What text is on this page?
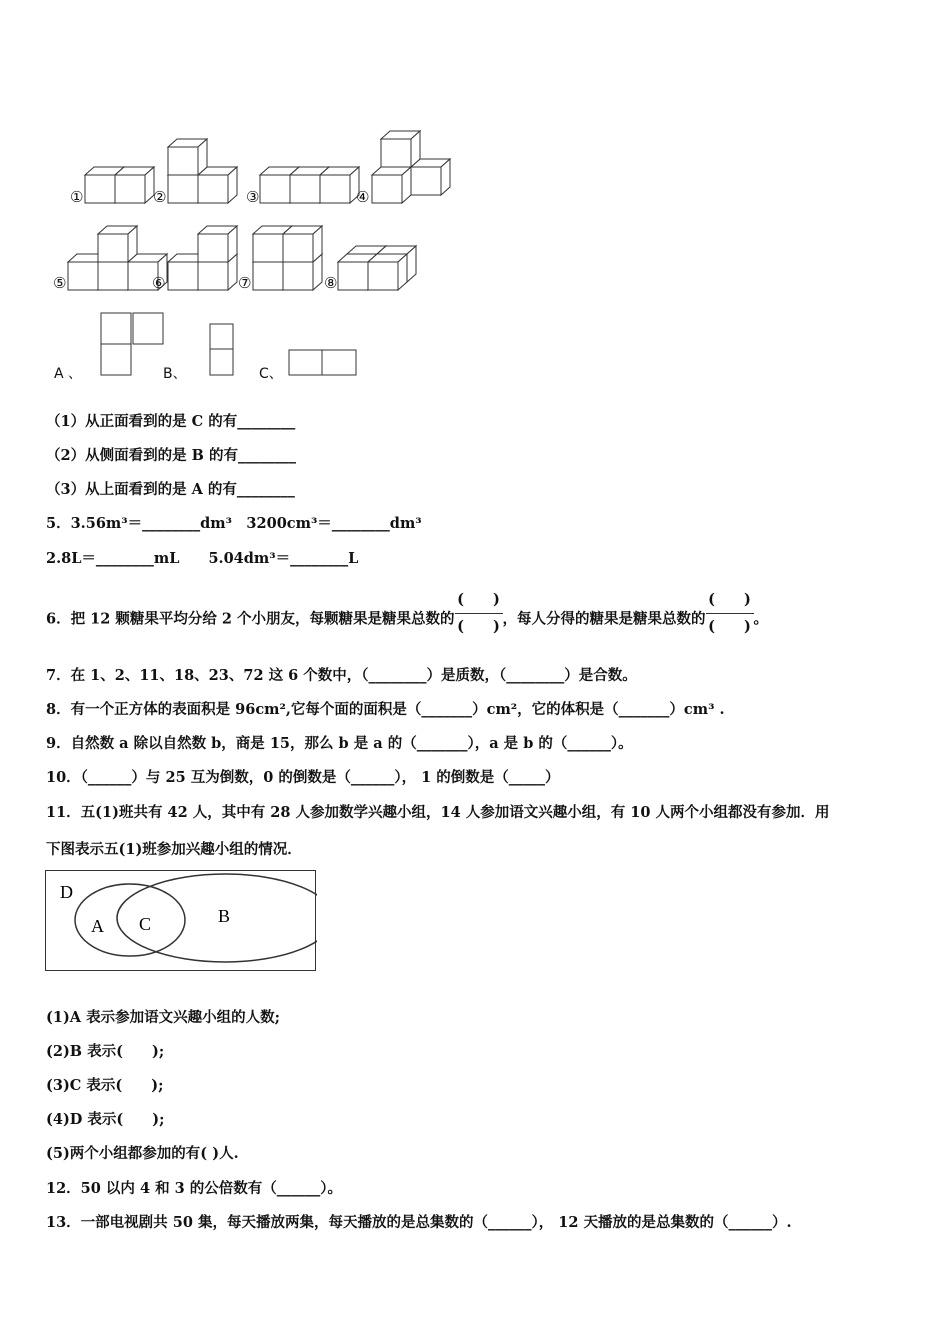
①	②	③	④
⑤	⑥	⑦	⑧
A 、	B、	C、
（1）从正面看到的是 C 的有________
（2）从侧面看到的是 B 的有________
（3）从上面看到的是 A 的有________
5．3.56m³＝________dm³　3200cm³＝________dm³
2.8L＝________mL　　5.04dm³＝________L
6．把 12 颗糖果平均分给 2 个小朋友，每颗糖果是糖果总数的 $\frac{( )}{( )}$ ，每人分得的糖果是糖果总数的 $\frac{( )}{( )}$ 。
7．在 1、2、11、18、23、72 这 6 个数中，（________）是质数，（________）是合数。
8．有一个正方体的表面积是 96cm²,它每个面的面积是（_______）cm²，它的体积是（_______）cm³ .
9．自然数 a 除以自然数 b，商是 15，那么 b 是 a 的（_______），a 是 b 的（______）。
10．（______）与 25 互为倒数，0 的倒数是（______）， 1 的倒数是（_____）
11．五(1)班共有 42 人，其中有 28 人参加数学兴趣小组，14 人参加语文兴趣小组，有 10 人两个小组都没有参加．用
下图表示五(1)班参加兴趣小组的情况．
D
A C	B
(1)A 表示参加语文兴趣小组的人数;
(2)B 表示(　　);
(3)C 表示(　　);
(4)D 表示(　　);
(5)两个小组都参加的有( )人.
12．50 以内 4 和 3 的公倍数有（______）。
13．一部电视剧共 50 集，每天播放两集，每天播放的是总集数的（______）， 12 天播放的是总集数的（______）.
